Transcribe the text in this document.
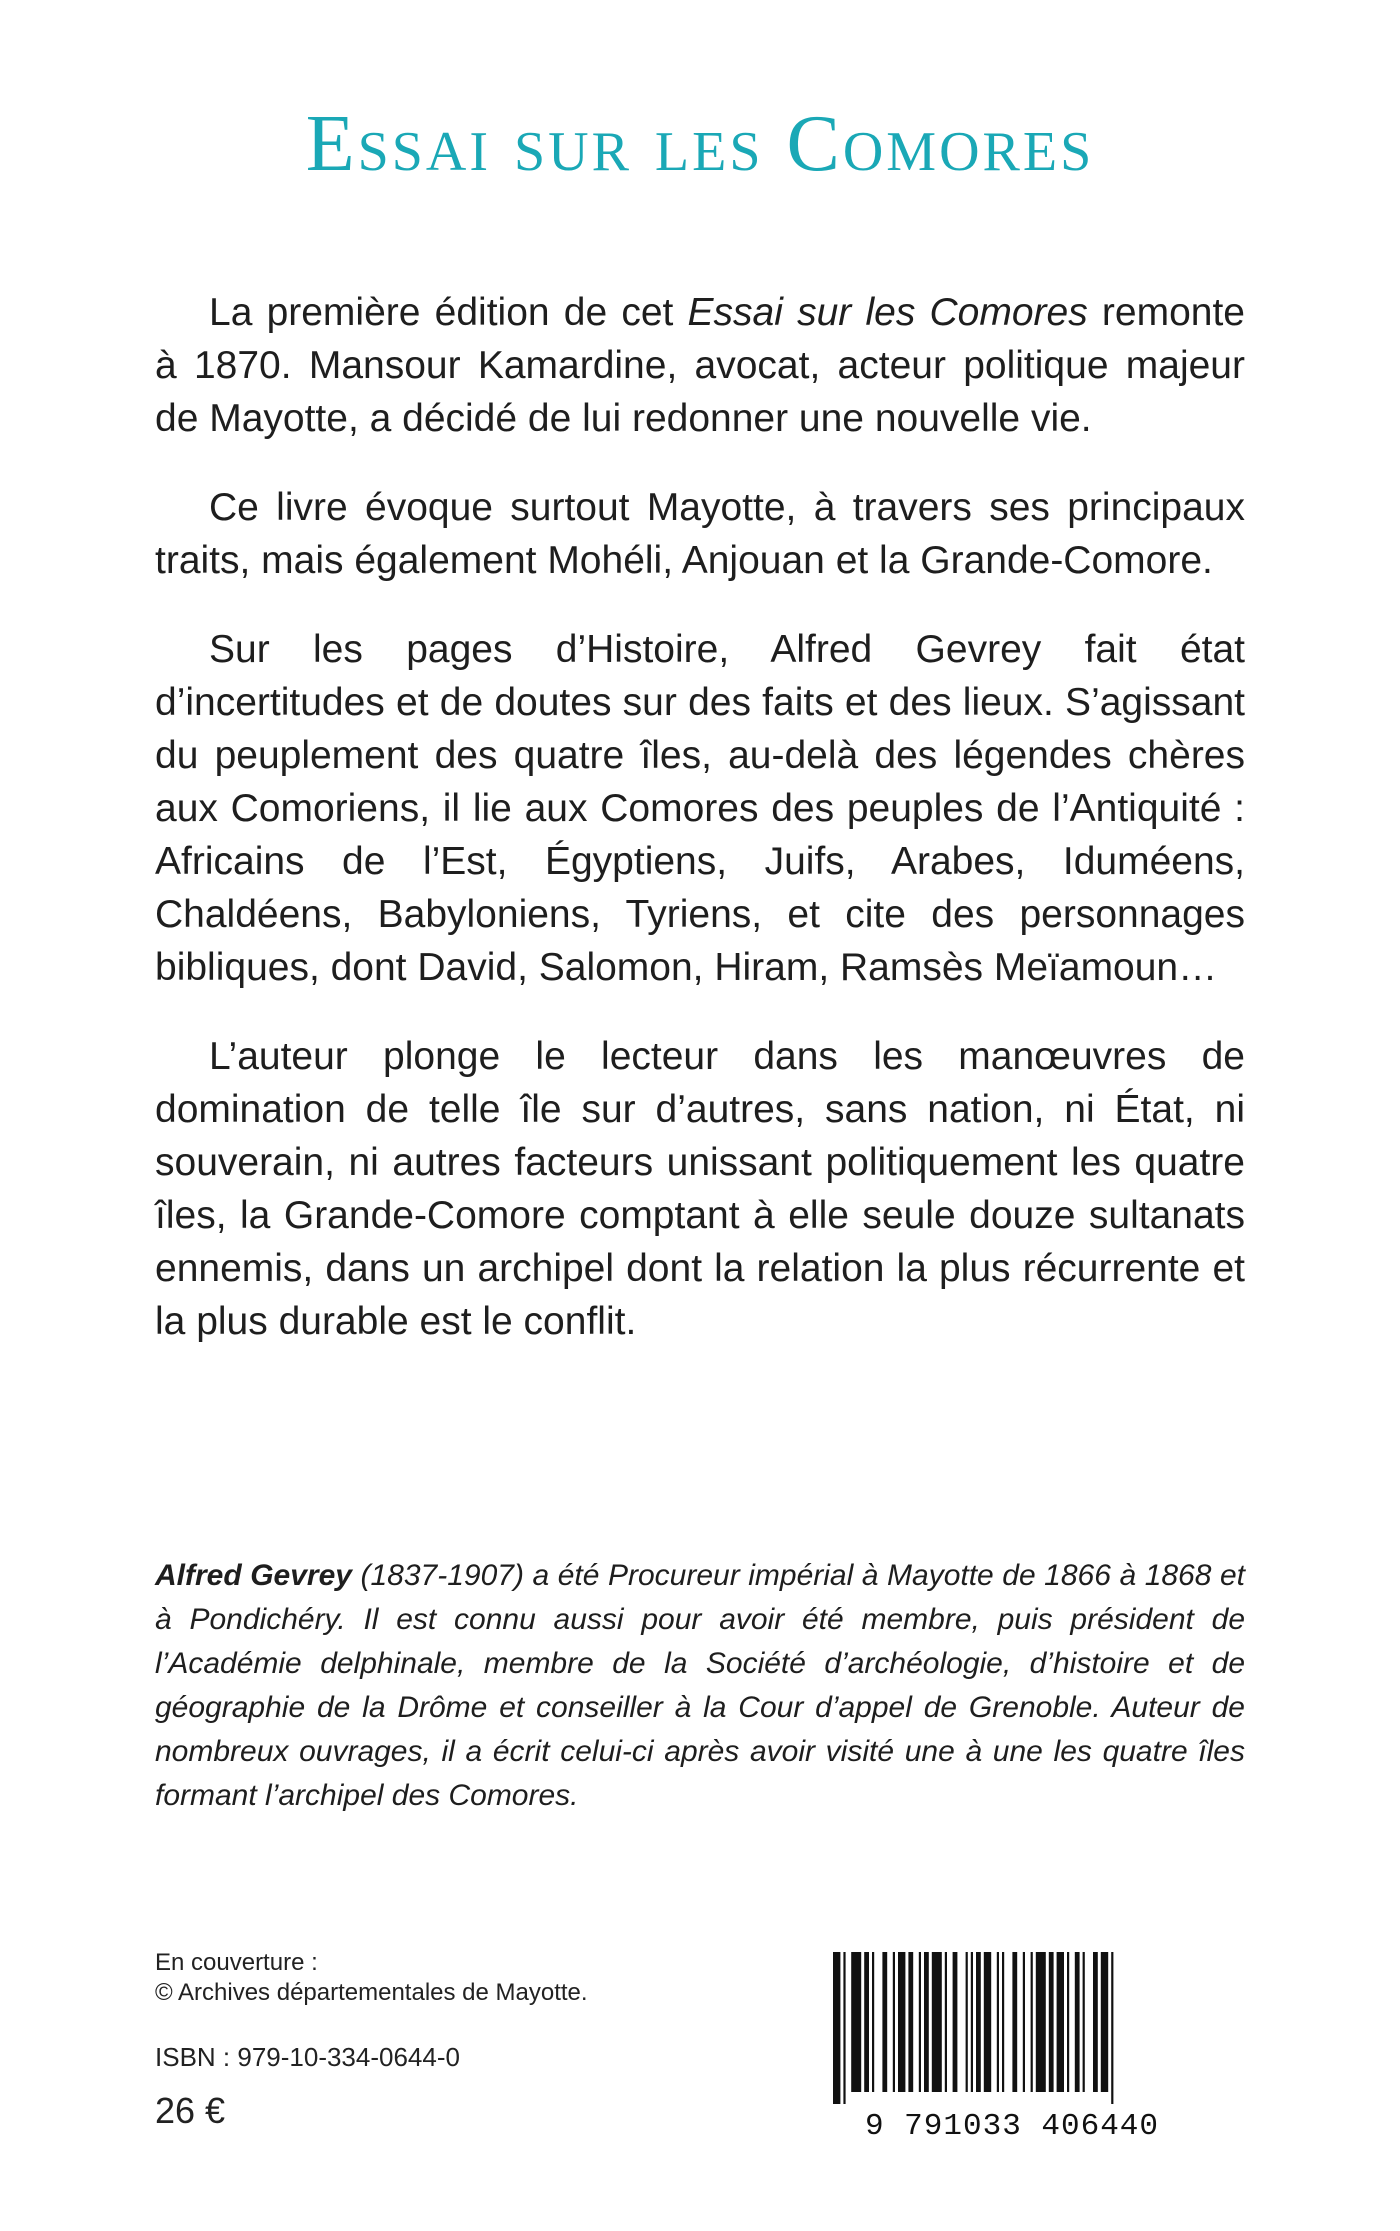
Essai sur les Comores

La première édition de cet Essai sur les Comores remonte à 1870. Mansour Kamardine, avocat, acteur politique majeur de Mayotte, a décidé de lui redonner une nouvelle vie.

Ce livre évoque surtout Mayotte, à travers ses principaux traits, mais également Mohéli, Anjouan et la Grande-Comore.

Sur les pages d’Histoire, Alfred Gevrey fait état d’incertitudes et de doutes sur des faits et des lieux. S’agissant du peuplement des quatre îles, au-delà des légendes chères aux Comoriens, il lie aux Comores des peuples de l’Antiquité : Africains de l’Est, Égyptiens, Juifs, Arabes, Iduméens, Chaldéens, Babyloniens, Tyriens, et cite des personnages bibliques, dont David, Salomon, Hiram, Ramsès Meïamoun…

L’auteur plonge le lecteur dans les manœuvres de domination de telle île sur d’autres, sans nation, ni État, ni souverain, ni autres facteurs unissant politiquement les quatre îles, la Grande-Comore comptant à elle seule douze sultanats ennemis, dans un archipel dont la relation la plus récurrente et la plus durable est le conflit.

Alfred Gevrey (1837-1907) a été Procureur impérial à Mayotte de 1866 à 1868 et à Pondichéry. Il est connu aussi pour avoir été membre, puis président de l’Académie delphinale, membre de la Société d’archéologie, d’histoire et de géographie de la Drôme et conseiller à la Cour d’appel de Grenoble. Auteur de nombreux ouvrages, il a écrit celui-ci après avoir visité une à une les quatre îles formant l’archipel des Comores.

En couverture :
© Archives départementales de Mayotte.
ISBN : 979-10-334-0644-0
26 €	9 791033 406440
